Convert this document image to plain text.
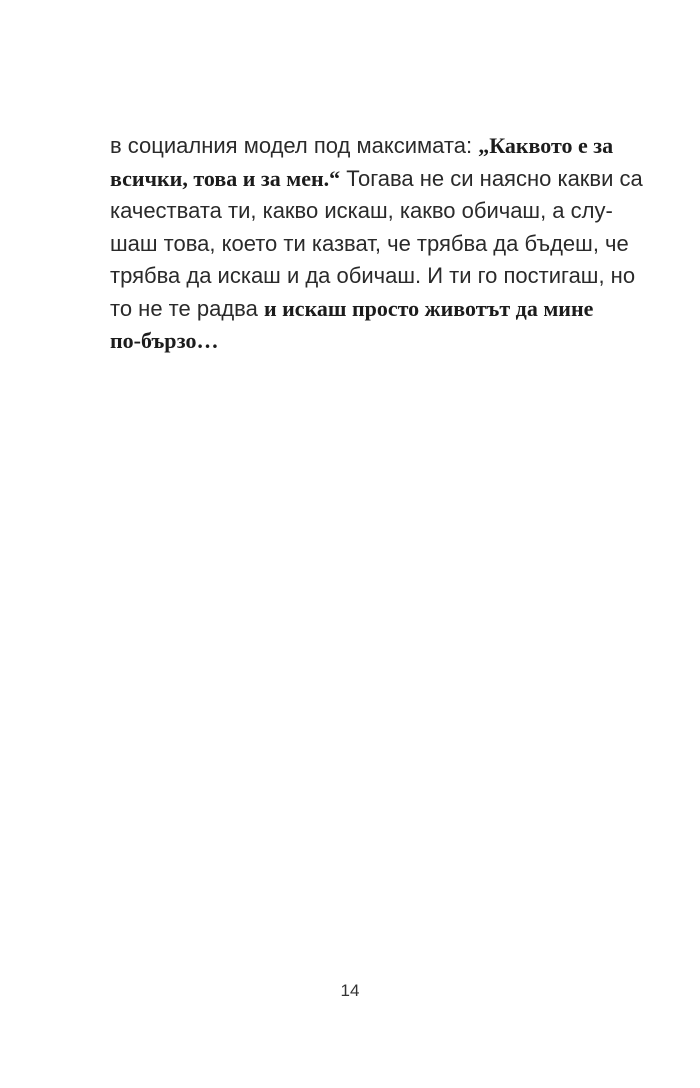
в социалния модел под максимата: „Каквото е за
всички, това и за мен.“ Тогава не си наясно какви са
качествата ти, какво искаш, какво обичаш, а слу-
шаш това, което ти казват, че трябва да бъдеш, че
трябва да искаш и да обичаш. И ти го постигаш, но
то не те радва и искаш просто животът да мине
по-бързо…
14
